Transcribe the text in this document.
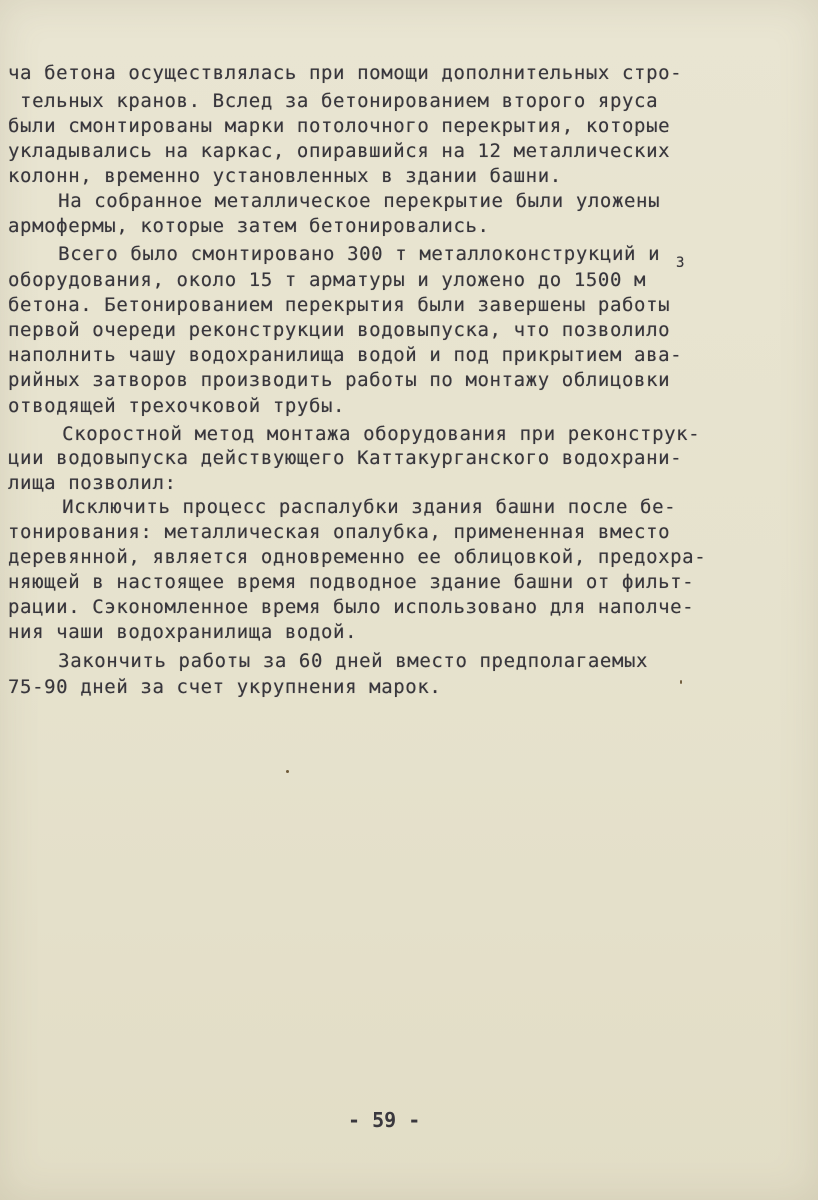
ча бетона осуществлялась при помощи дополнительных стро-
тельных кранов. Вслед за бетонированием второго яруса
были смонтированы марки потолочного перекрытия, которые
укладывались на каркас, опиравшийся на 12 металлических
колонн, временно установленных в здании башни.
На собранное металлическое перекрытие были уложены
армофермы, которые затем бетонировались.
Всего было смонтировано 300 т металлоконструкций и
оборудования, около 15 т арматуры и уложено до 1500 м
3
бетона. Бетонированием перекрытия были завершены работы
первой очереди реконструкции водовыпуска, что позволило
наполнить чашу водохранилища водой и под прикрытием ава-
рийных затворов производить работы по монтажу облицовки
отводящей трехочковой трубы.
Скоростной метод монтажа оборудования при реконструк-
ции водовыпуска действующего Каттакурганского водохрани-
лища позволил:
Исключить процесс распалубки здания башни после бе-
тонирования: металлическая опалубка, примененная вместо
деревянной, является одновременно ее облицовкой, предохра-
няющей в настоящее время подводное здание башни от фильт-
рации. Сэкономленное время было использовано для наполче-
ния чаши водохранилища водой.
Закончить работы за 60 дней вместо предполагаемых
75-90 дней за счет укрупнения марок.
- 59 -
